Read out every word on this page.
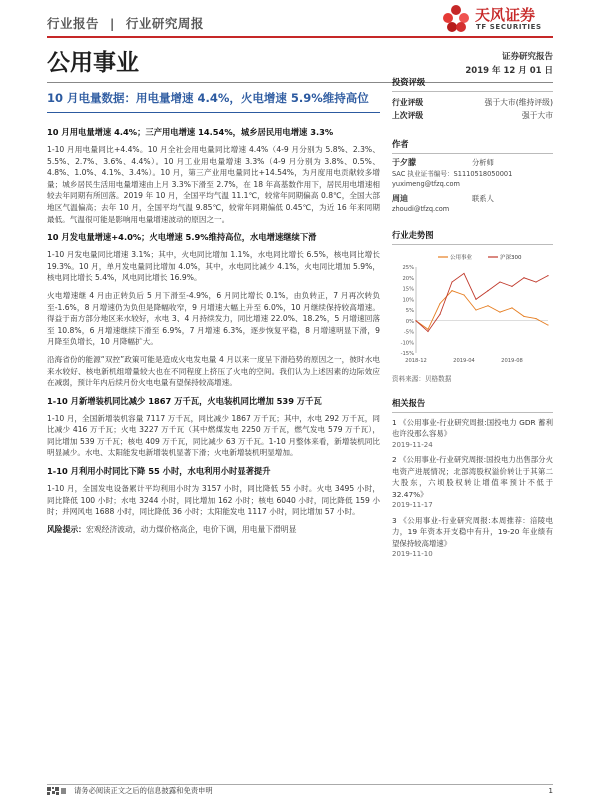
行业报告 | 行业研究周报	天风证券
TF SECURITIES
公用事业	证券研究报告
2019 年 12 月 01 日
10 月电量数据：用电量增速 4.4%，火电增速 5.9%维持高位
10 月用电量增速 4.4%；三产用电增速 14.54%，城乡居民用电增速 3.3%
1-10 月用电量同比+4.4%。10 月全社会用电量同比增速 4.4%（4-9 月分别为 5.8%、2.3%、5.5%、2.7%、3.6%、4.4%）。10 月工业用电量增速 3.3%（4-9 月分别为 3.8%、0.5%、4.8%、1.0%、4.1%、3.4%）。10 月，第三产业用电量同比+14.54%，为月度用电贡献较多增量；城乡居民生活用电量增速由上月 3.3%下滑至 2.7%，在 18 年高基数作用下，居民用电增速相较去年同期有所回落。2019 年 10 月，全国平均气温 11.1℃，较常年同期偏高 0.8℃，全国大部地区气温偏高；去年 10 月，全国平均气温 9.85℃，较常年同期偏低 0.45℃，为近 16 年来同期最低。气温很可能是影响用电量增速波动的原因之一。
10 月发电量增速+4.0%；火电增速 5.9%维持高位，水电增速继续下滑
1-10 月发电量同比增速 3.1%；其中，火电同比增加 1.1%，水电同比增长 6.5%，核电同比增长 19.3%。10 月，单月发电量同比增加 4.0%，其中，水电同比减少 4.1%，火电同比增加 5.9%，核电同比增长 5.4%，风电同比增长 16.9%。
火电增速继 4 月由正转负后 5 月下滑至-4.9%，6 月同比增长 0.1%，由负转正，7 月再次转负至-1.6%，8 月增速仍为负但是降幅收窄，9 月增速大幅上升至 6.0%，10 月继续保持较高增速。得益于南方部分地区来水较好，水电 3、4 月持续发力，同比增速 22.0%、18.2%，5 月增速回落至 10.8%，6 月增速继续下滑至 6.9%，7 月增速 6.3%，逐步恢复平稳，8 月增速明显下滑，9 月降至负增长，10 月降幅扩大。
沿海省份的能源“双控”政策可能是造成火电发电量 4 月以来一度呈下滑趋势的原因之一，彼时水电来水较好、核电新机组增量较大也在不同程度上挤压了火电的空间。我们认为上述因素的边际效应在减弱，预计年内后续月份火电电量有望保持较高增速。
1-10 月新增装机同比减少 1867 万千瓦，火电装机同比增加 539 万千瓦
1-10 月，全国新增装机容量 7117 万千瓦，同比减少 1867 万千瓦；其中，水电 292 万千瓦，同比减少 416 万千瓦；火电 3227 万千瓦（其中燃煤发电 2250 万千瓦，燃气发电 579 万千瓦），同比增加 539 万千瓦；核电 409 万千瓦，同比减少 63 万千瓦。1-10 月整体来看，新增装机同比明显减少。水电、太阳能发电新增装机显著下滑；火电新增装机明显增加。
1-10 月利用小时同比下降 55 小时，水电利用小时显著提升
1-10 月，全国发电设备累计平均利用小时为 3157 小时，同比降低 55 小时。火电 3495 小时，同比降低 100 小时；水电 3244 小时，同比增加 162 小时；核电 6040 小时，同比降低 159 小时；并网风电 1688 小时，同比降低 36 小时；太阳能发电 1117 小时，同比增加 57 小时。
风险提示：宏观经济波动，动力煤价格高企，电价下调，用电量下滑明显
投资评级
行业评级	强于大市(维持评级)
上次评级	强于大市
作者
于夕朦	分析师
SAC 执业证书编号：S1110518050001
yuximeng@tfzq.com
周迪	联系人
zhoudi@tfzq.com
行业走势图
25%
20%
15%
10%
5%
0%
-5%
-10%
-15%
2018-12	2019-04	2019-08
公用事业	沪深300
资料来源：贝格数据
相关报告
1 《公用事业-行业研究周报:国投电力 GDR 蓄利也许没那么容易》
2019-11-24
2 《公用事业-行业研究周报:国投电力出售部分火电资产进展情况；北部湾股权溢价转让于其第二大股东，六顷股权转让增值率预计不低于 32.47%》
2019-11-17
3 《公用事业-行业研究周报:本周推荐：涪陵电力，19 年资本开支稳中有升，19-20 年业绩有望保持较高增速》
2019-11-10
请务必阅读正文之后的信息披露和免责申明	1
